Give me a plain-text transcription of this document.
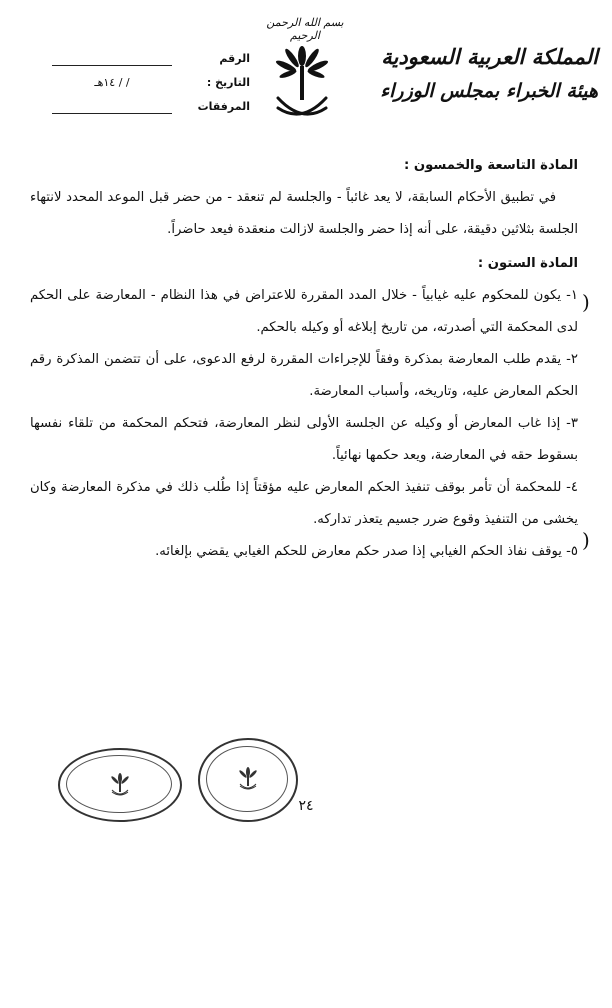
بسم الله الرحمن الرحيم
المملكة العربية السعودية
هيئة الخبراء بمجلس الوزراء
الرقم
التاريخ :
/ / ١٤هـ
المرفقات

المادة التاسعة والخمسون :

في تطبيق الأحكام السابقة، لا يعد غائباً - والجلسة لم تنعقد - من حضر قبل الموعد المحدد لانتهاء الجلسة بثلاثين دقيقة، على أنه إذا حضر والجلسة لازالت منعقدة فيعد حاضراً.

المادة الستون :

١- يكون للمحكوم عليه غيابياً - خلال المدد المقررة للاعتراض في هذا النظام - المعارضة على الحكم لدى المحكمة التي أصدرته، من تاريخ إبلاغه أو وكيله بالحكم.

٢- يقدم طلب المعارضة بمذكرة وفقاً للإجراءات المقررة لرفع الدعوى، على أن تتضمن المذكرة رقم الحكم المعارض عليه، وتاريخه، وأسباب المعارضة.

٣- إذا غاب المعارض أو وكيله عن الجلسة الأولى لنظر المعارضة، فتحكم المحكمة من تلقاء نفسها بسقوط حقه في المعارضة، ويعد حكمها نهائياً.

٤- للمحكمة أن تأمر بوقف تنفيذ الحكم المعارض عليه مؤقتاً إذا طُلب ذلك في مذكرة المعارضة وكان يخشى من التنفيذ وقوع ضرر جسيم يتعذر تداركه.

٥- يوقف نفاذ الحكم الغيابي إذا صدر حكم معارض للحكم الغيابي يقضي بإلغائه.

)
)
٢٤
